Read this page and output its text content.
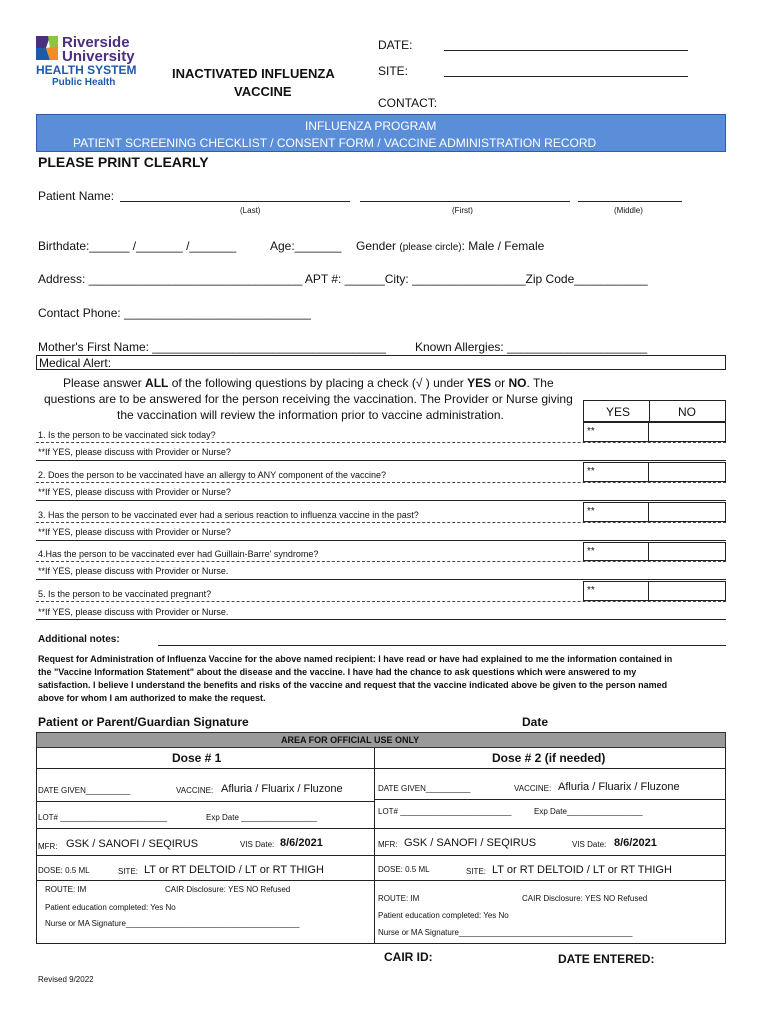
Riverside
University
HEALTH SYSTEM
Public Health
INACTIVATED INFLUENZA
VACCINE
DATE:
SITE:
CONTACT:
INFLUENZA PROGRAM
PATIENT SCREENING CHECKLIST / CONSENT FORM / VACCINE ADMINISTRATION RECORD
PLEASE PRINT CLEARLY
Patient Name:
(Last)	(First)	(Middle)
Birthdate:______ /_______ /_______	Age:_______ Gender (please circle): Male / Female
Address: ________________________________ APT #: ______City: _________________Zip Code___________
Contact Phone: ____________________________
Mother's First Name: ___________________________________ Known Allergies: _____________________
Medical Alert:
Please answer ALL of the following questions by placing a check (√ ) under YES or NO. The
questions are to be answered for the person receiving the vaccination. The Provider or Nurse giving
the vaccination will review the information prior to vaccine administration.	YES	NO
1. Is the person to be vaccinated sick today?
**If YES, please discuss with Provider or Nurse?
**
2. Does the person to be vaccinated have an allergy to ANY component of the vaccine?
**If YES, please discuss with Provider or Nurse?
**
3. Has the person to be vaccinated ever had a serious reaction to influenza vaccine in the past?
**If YES, please discuss with Provider or Nurse?
**
4.Has the person to be vaccinated ever had Guillain-Barre' syndrome?
**If YES, please discuss with Provider or Nurse.
**
5. Is the person to be vaccinated pregnant?
**If YES, please discuss with Provider or Nurse.
**
Additional notes:
Request for Administration of Influenza Vaccine for the above named recipient: I have read or have had explained to me the information contained in
the "Vaccine Information Statement" about the disease and the vaccine. I have had the chance to ask questions which were answered to my
satisfaction. I believe I understand the benefits and risks of the vaccine and request that the vaccine indicated above be given to the person named
above for whom I am authorized to make the request.
Patient or Parent/Guardian Signature	Date
AREA FOR OFFICIAL USE ONLY
Dose # 1
DATE GIVEN__________	VACCINE: Afluria / Fluarix / Fluzone
LOT# ________________________	Exp Date _________________
MFR: GSK / SANOFI / SEQIRUS	VIS Date: 8/6/2021
DOSE: 0.5 ML	SITE: LT or RT DELTOID / LT or RT THIGH
ROUTE: IM	CAIR Disclosure: YES NO Refused
Patient education completed: Yes No
Nurse or MA Signature_______________________________________
Dose # 2 (if needed)
DATE GIVEN__________	VACCINE: Afluria / Fluarix / Fluzone
LOT# _________________________	Exp Date_________________
MFR: GSK / SANOFI / SEQIRUS	VIS Date: 8/6/2021
DOSE: 0.5 ML	SITE: LT or RT DELTOID / LT or RT THIGH
ROUTE: IM	CAIR Disclosure: YES NO Refused
Patient education completed: Yes No
Nurse or MA Signature_______________________________________
CAIR ID:	DATE ENTERED:
Revised 9/2022
